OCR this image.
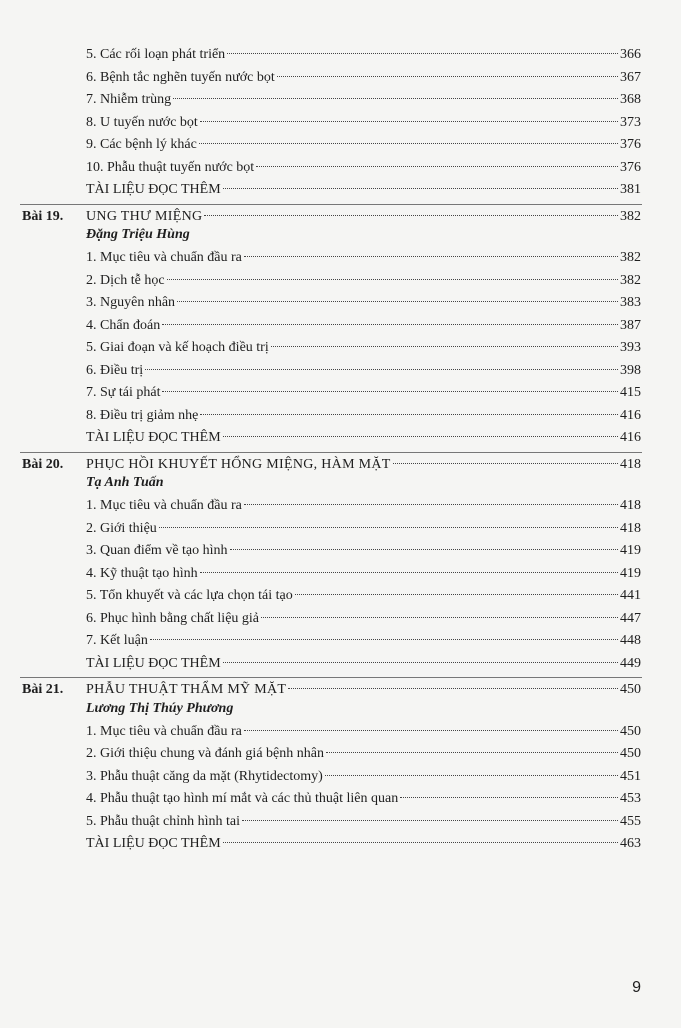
5. Các rối loạn phát triển	366
6. Bệnh tắc nghẽn tuyến nước bọt	367
7. Nhiễm trùng	368
8. U tuyến nước bọt	373
9. Các bệnh lý khác	376
10. Phẫu thuật tuyến nước bọt	376
TÀI LIỆU ĐỌC THÊM	381
Bài 19. UNG THƯ MIỆNG	382
Đặng Triệu Hùng
1. Mục tiêu và chuẩn đầu ra	382
2. Dịch tễ học	382
3. Nguyên nhân	383
4. Chẩn đoán	387
5. Giai đoạn và kế hoạch điều trị	393
6. Điều trị	398
7. Sự tái phát	415
8. Điều trị giảm nhẹ	416
TÀI LIỆU ĐỌC THÊM	416
Bài 20. PHỤC HỒI KHUYẾT HỔNG MIỆNG, HÀM MẶT	418
Tạ Anh Tuấn
1. Mục tiêu và chuẩn đầu ra	418
2. Giới thiệu	418
3. Quan điểm về tạo hình	419
4. Kỹ thuật tạo hình	419
5. Tổn khuyết và các lựa chọn tái tạo	441
6. Phục hình bằng chất liệu giả	447
7. Kết luận	448
TÀI LIỆU ĐỌC THÊM	449
Bài 21. PHẪU THUẬT THẨM MỸ MẶT	450
Lương Thị Thúy Phương
1. Mục tiêu và chuẩn đầu ra	450
2. Giới thiệu chung và đánh giá bệnh nhân	450
3. Phẫu thuật căng da mặt (Rhytidectomy)	451
4. Phẫu thuật tạo hình mí mắt và các thủ thuật liên quan	453
5. Phẫu thuật chỉnh hình tai	455
TÀI LIỆU ĐỌC THÊM	463
9
